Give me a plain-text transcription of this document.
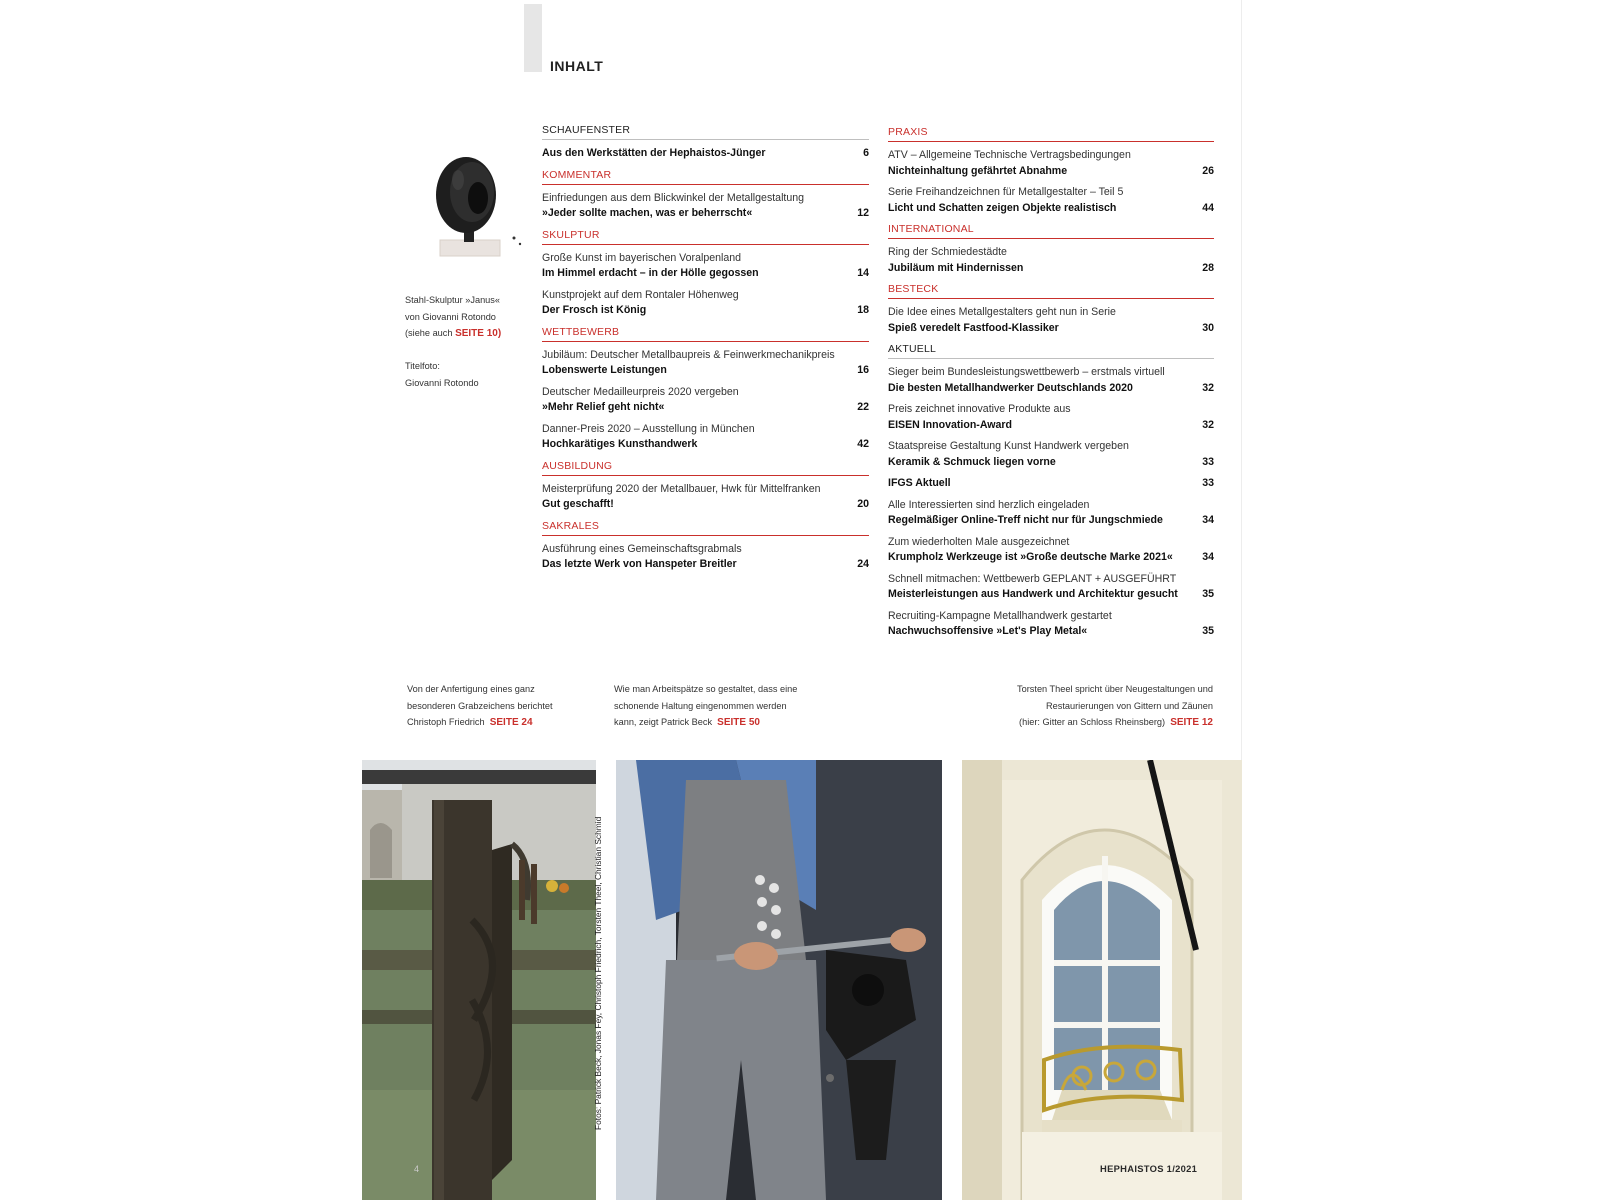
INHALT
Stahl-Skulptur »Janus«
von Giovanni Rotondo
(siehe auch SEITE 10)
Titelfoto:
Giovanni Rotondo
SCHAUFENSTER
Aus den Werkstätten der Hephaistos-Jünger	6
KOMMENTAR
Einfriedungen aus dem Blickwinkel der Metallgestaltung
»Jeder sollte machen, was er beherrscht«	12
SKULPTUR
Große Kunst im bayerischen Voralpenland
Im Himmel erdacht – in der Hölle gegossen	14
Kunstprojekt auf dem Rontaler Höhenweg
Der Frosch ist König	18
WETTBEWERB
Jubiläum: Deutscher Metallbaupreis & Feinwerkmechanikpreis
Lobenswerte Leistungen	16
Deutscher Medailleurpreis 2020 vergeben
»Mehr Relief geht nicht«	22
Danner-Preis 2020 – Ausstellung in München
Hochkarätiges Kunsthandwerk	42
AUSBILDUNG
Meisterprüfung 2020 der Metallbauer, Hwk für Mittelfranken
Gut geschafft!	20
SAKRALES
Ausführung eines Gemeinschaftsgrabmals
Das letzte Werk von Hanspeter Breitler	24
PRAXIS
ATV – Allgemeine Technische Vertragsbedingungen
Nichteinhaltung gefährtet Abnahme	26
Serie Freihandzeichnen für Metallgestalter – Teil 5
Licht und Schatten zeigen Objekte realistisch	44
INTERNATIONAL
Ring der Schmiedestädte
Jubiläum mit Hindernissen	28
BESTECK
Die Idee eines Metallgestalters geht nun in Serie
Spieß veredelt Fastfood-Klassiker	30
AKTUELL
Sieger beim Bundesleistungswettbewerb – erstmals virtuell
Die besten Metallhandwerker Deutschlands 2020	32
Preis zeichnet innovative Produkte aus
EISEN Innovation-Award	32
Staatspreise Gestaltung Kunst Handwerk vergeben
Keramik & Schmuck liegen vorne	33
IFGS Aktuell	33
Alle Interessierten sind herzlich eingeladen
Regelmäßiger Online-Treff nicht nur für Jungschmiede	34
Zum wiederholten Male ausgezeichnet
Krumpholz Werkzeuge ist »Große deutsche Marke 2021«	34
Schnell mitmachen: Wettbewerb GEPLANT + AUSGEFÜHRT
Meisterleistungen aus Handwerk und Architektur gesucht	35
Recruiting-Kampagne Metallhandwerk gestartet
Nachwuchsoffensive »Let's Play Metal«	35
Von der Anfertigung eines ganz
besonderen Grabzeichens berichtet
Christoph Friedrich SEITE 24
Wie man Arbeitspätze so gestaltet, dass eine
schonende Haltung eingenommen werden
kann, zeigt Patrick Beck SEITE 50
Torsten Theel spricht über Neugestaltungen und
Restaurierungen von Gittern und Zäunen
(hier: Gitter an Schloss Rheinsberg) SEITE 12
4
Fotos: Patrick Beck, Jonas Fey, Christoph Friedrich, Torsten Theel, Christian Schmid
HEPHAISTOS 1/2021
